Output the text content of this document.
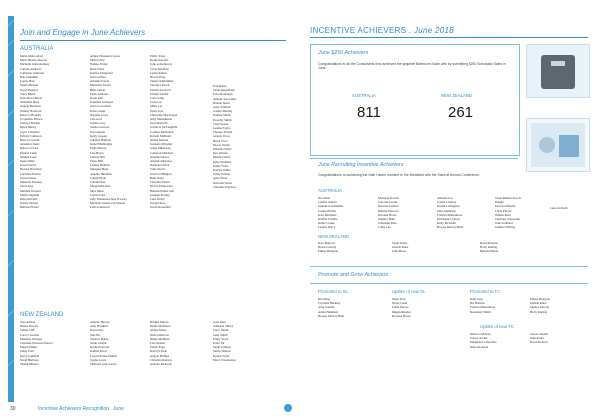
Join and Engage in June Achievers
AUSTRALIA
Malia-Malia Abad
Maria Buelle Abascia
Michelle Allan-Ramsey
Carlene Andrews
Catherine Armestis
Bau Armellihs
Louise Baer
Sandra Beattie
Karen Bedsley
Tracy Bland
Dana Boca-Davis
Samantha Borg
Angela Boultons
Tammy Bradford
Rebecca Bransby
Jacqueline Brown
Vanessa Bryden
Rylee Burley
Joyce Caballero
Felicity Cameron
Bianca Carvelli
Amanda Chand
Rebecca Clark
Pamela Clark
Allison Cook
Susie Daher
Karen David
Brooke Davidson
Christine Davies
Jessica Dean
Simonne Delaney
Susan Dey
Melinda Dorrant
Sheila Dugnam
Deborah Duff
Karina Dutton
Belinda Eldred
Althea Emanuel-Cayton
Sharon Este
Nadine Farley
Boris Feber
Katrina Fitzgerald
Jessica Fitzu
Amanda Fonda
Marianne Friend
Beth Galvin
Fiona Gibbons
Rosie Gill
Kathleen Gillespie
Jessica Goodwin
Katie Gould
Natasha Grace
Lisa Graf
Joanne Gray
Sandra Greaves
Jill Gregson
Kelly Gropke
Johanna Hatfield
Isobel Hambridge
Erika Harvey
Lisa Hayes
Christy Hill
Fiona Hill
Leanne Holman
Margaret Hunt
Annette Hutchins
Caitlin Hyde
Claudia Ibec
Margaretha Ilias
Skye Innes
Louise Ivers
Judy Ninamond-Jane O'Leary
Michelle Jansen van Vuuren
Leila Jasamovic
Emily Jones
Kesha Kavallo
Jolie-sa Kelleway
Jacon Kershaw
Lynne Kilnes
Nicole King
Valerie Klimshmet
Veronica Kloch
Patricia Kovtsch
Wendy Kuchel
Carla Lang
Tarni Lee
Miles Lei
Tania Low
Chevonne Macfadyen
Amy Mainsheena
Toni Maxwell
scarlet le McLaughlin
Corinne Mohamon
Kristell Millburn
Aimee Molton
Sonzenn Milpanic
Sonja Mikelsons
Cameron Mitchell
Amanda Moore
Amanda Morrisro
Rachana Nafrat
Trina Norris
Jessica Offington
Beth Orton
Christina Parrin
Nicole Pankowski
Belinda Pinder rent
Jeanette Potting
Lena Petley
Evelyn Rose
Terrie Rosenfeld
Erin Reilly
Sarah Reigsmann
Erica Roxburgh
Annette Seacombe
Bonnie Seton
Amy Schmidt
Joanne Sharing
Katrina Smith
Dorothy Smith
Vicki Spann
Leanne Taylor
Therese Truslin
Angela Vacas
Hazel Vicci
Nicola Walsh
Miranda Webb
Dee Warren
Melissa Webb
Rylie Widdney
Kathy Wells
Katrina White
Cindy Wilson
Amy Wood
Deborah Wurst
Christine Wyldeos
NEW ZEALAND
Sara Allison
Hanna Bowers
Janine Cliff
Carol Crowther
Monique Dickens
Charlotte Dawson-Drewer
Megan Elkins
Jenny Ford
Kerry Gambrill
Sarah Harrison
Shanai Hillerre
Annette Harvey
Amy Hawkins
Karen Hey
Jane Ho
Vanessa Horne
Sarah Joseph
Rachel Kincaid
Katrina Kroll
Lowell Krake-Monds
Jaydie Lewis
Shannon Lyne-Lewis
Bridget Mason
Pamie Matthews
Aimee Mates
Debra Merlock
Nikita Muffield
Lisa Nelson
Elaine Page
Raewyn Peck
Angela Phillips
Christina Ramsay
Annette Rickards
Josie Rees
Adelaide Sillery
Tracy Smith
Janet Smith
Emily Stock
Katie Tai
Sarah Tolhurst
Stevie Warren
Kelsey Wylie
Marci Wrachenzie
INCENTIVE ACHIEVERS . June 2018
June $250 Achievers
Congratulations to all the Consultants who achieved the graphite Bathroom Scale with by submitting $250 Scholastic Sales in June.
AUSTRALIA
811
NEW ZEALAND
261
June Recruiting Incentive Achievers
Congratulations on achieving the Safe Haven moment to the Breakfast with the Stars at Annual Conference.
AUSTRALIA
Del Allan
Leanne Arnold
Annaliese Armanitis
Joanne Barnes
Kate Batchelor
Katrina Criddle
Kellie Cooke
Leanne Darcy
Monique Dowds
Lorraine Gould
Neroma Grumse
Belinda Howard
Rowena Howe
Jennifer Hunt
Jollouann Klea
Cathy Lee
Amanda Lee
Louise Lindsay
Noemi Livingston
Zelia Malherbe
Frances Manzamore
Kimvalek Colloch
Kelly McGrath
Brooke Molloy-Hunt
Tania Dunkel Woods
Ranglé
Patricia O'Keefe
Linda Purves
Tahnee Ross
Charlotte Slaciordle
Julie Sothland
Jennifer Willing
Leisa Zerbach
NEW ZEALAND
Kara Burford
Helen Cotterly
Emma Hodgson
Sarah Irvine
Glenda Knoz
Julie Moon
Dawn Roberts
Holly Rolling
Belinda Hundt
Promote and Grow Achievers
Promoted to SL
Del Allan
Crystelle Buckley
Amy Gamble
Annie Hammon
Brooke Molloy-Hunt
Uptiles of new SL
Tania Ford
Nicki Cotell
Linda Purves
Megan Rhodes
Rowena Howe
Promoted to TC
Kath Gray
Bri Holman
Frances Manzamore
Rosemary Smith
Emma Hodgson
Glenda Knox
Shelley Moody
Holly Rolling
Uptiles of new TC
Rebecca McKay
Tracey Archer
Meaghan Cornacchio
Deborah Allan
Alyssa Tapsell
Janie Elder
Dawn Roberts
30	Incentive Achievers Recognition . June
